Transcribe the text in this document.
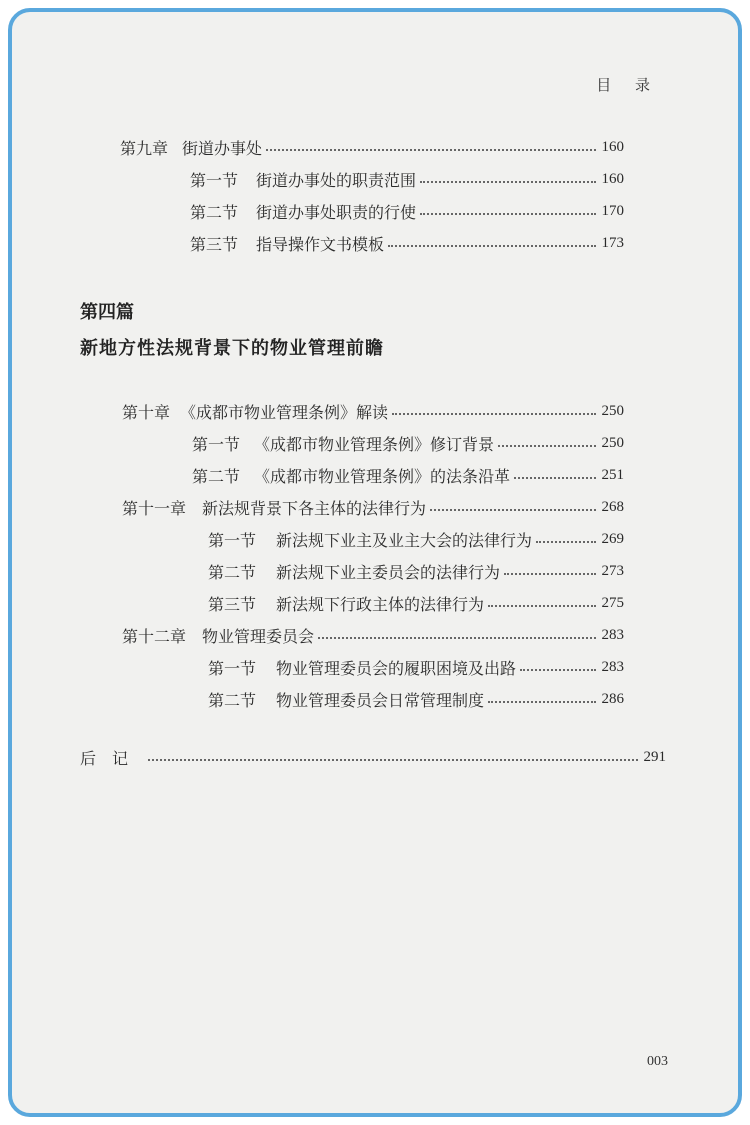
目 录
第九章 街道办事处	160
第一节 街道办事处的职责范围	160
第二节 街道办事处职责的行使	170
第三节 指导操作文书模板	173
第四篇
新地方性法规背景下的物业管理前瞻
第十章 《成都市物业管理条例》解读	250
第一节 《成都市物业管理条例》修订背景	250
第二节 《成都市物业管理条例》的法条沿革	251
第十一章 新法规背景下各主体的法律行为	268
第一节 新法规下业主及业主大会的法律行为	269
第二节 新法规下业主委员会的法律行为	273
第三节 新法规下行政主体的法律行为	275
第十二章 物业管理委员会	283
第一节 物业管理委员会的履职困境及出路	283
第二节 物业管理委员会日常管理制度	286
后记	291
003
